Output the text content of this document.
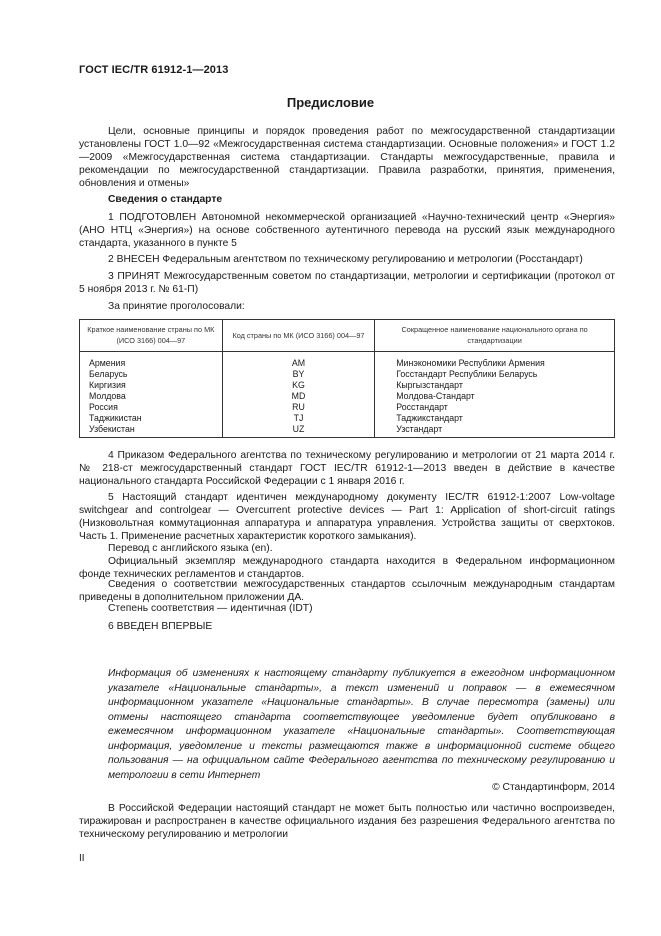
ГОСТ IEC/TR 61912-1—2013
Предисловие
Цели, основные принципы и порядок проведения работ по межгосударственной стандартизации установлены ГОСТ 1.0—92 «Межгосударственная система стандартизации. Основные положения» и ГОСТ 1.2—2009 «Межгосударственная система стандартизации. Стандарты межгосударственные, правила и рекомендации по межгосударственной стандартизации. Правила разработки, принятия, применения, обновления и отмены»
Сведения о стандарте
1 ПОДГОТОВЛЕН Автономной некоммерческой организацией «Научно-технический центр «Энергия» (АНО НТЦ «Энергия») на основе собственного аутентичного перевода на русский язык международного стандарта, указанного в пункте 5
2 ВНЕСЕН Федеральным агентством по техническому регулированию и метрологии (Росстандарт)
3 ПРИНЯТ Межгосударственным советом по стандартизации, метрологии и сертификации (протокол от 5 ноября 2013 г. № 61-П)
За принятие проголосовали:
Краткое наименование страны по МК (ИСО 3166) 004—97	Код страны по МК (ИСО 3166) 004—97	Сокращенное наименование национального органа по стандартизации
Армения	AM	Минэкономики Республики Армения
Беларусь	BY	Госстандарт Республики Беларусь
Киргизия	KG	Кыргызстандарт
Молдова	MD	Молдова-Стандарт
Россия	RU	Росстандарт
Таджикистан	TJ	Таджикстандарт
Узбекистан	UZ	Узстандарт
4 Приказом Федерального агентства по техническому регулированию и метрологии от 21 марта 2014 г. № 218-ст межгосударственный стандарт ГОСТ IEC/TR 61912-1—2013 введен в действие в качестве национального стандарта Российской Федерации с 1 января 2016 г.
5 Настоящий стандарт идентичен международному документу IEC/TR 61912-1:2007 Low-voltage switchgear and controlgear — Overcurrent protective devices — Part 1: Application of short-circuit ratings (Низковольтная коммутационная аппаратура и аппаратура управления. Устройства защиты от сверхтоков. Часть 1. Применение расчетных характеристик короткого замыкания).
Перевод с английского языка (en).
Официальный экземпляр международного стандарта находится в Федеральном информационном фонде технических регламентов и стандартов.
Сведения о соответствии межгосударственных стандартов ссылочным международным стандартам приведены в дополнительном приложении ДА.
Степень соответствия — идентичная (IDT)
6 ВВЕДЕН ВПЕРВЫЕ
Информация об изменениях к настоящему стандарту публикуется в ежегодном информационном указателе «Национальные стандарты», а текст изменений и поправок — в ежемесячном информационном указателе «Национальные стандарты». В случае пересмотра (замены) или отмены настоящего стандарта соответствующее уведомление будет опубликовано в ежемесячном информационном указателе «Национальные стандарты». Соответствующая информация, уведомление и тексты размещаются также в информационной системе общего пользования — на официальном сайте Федерального агентства по техническому регулированию и метрологии в сети Интернет
© Стандартинформ, 2014
В Российской Федерации настоящий стандарт не может быть полностью или частично воспроизведен, тиражирован и распространен в качестве официального издания без разрешения Федерального агентства по техническому регулированию и метрологии
II
